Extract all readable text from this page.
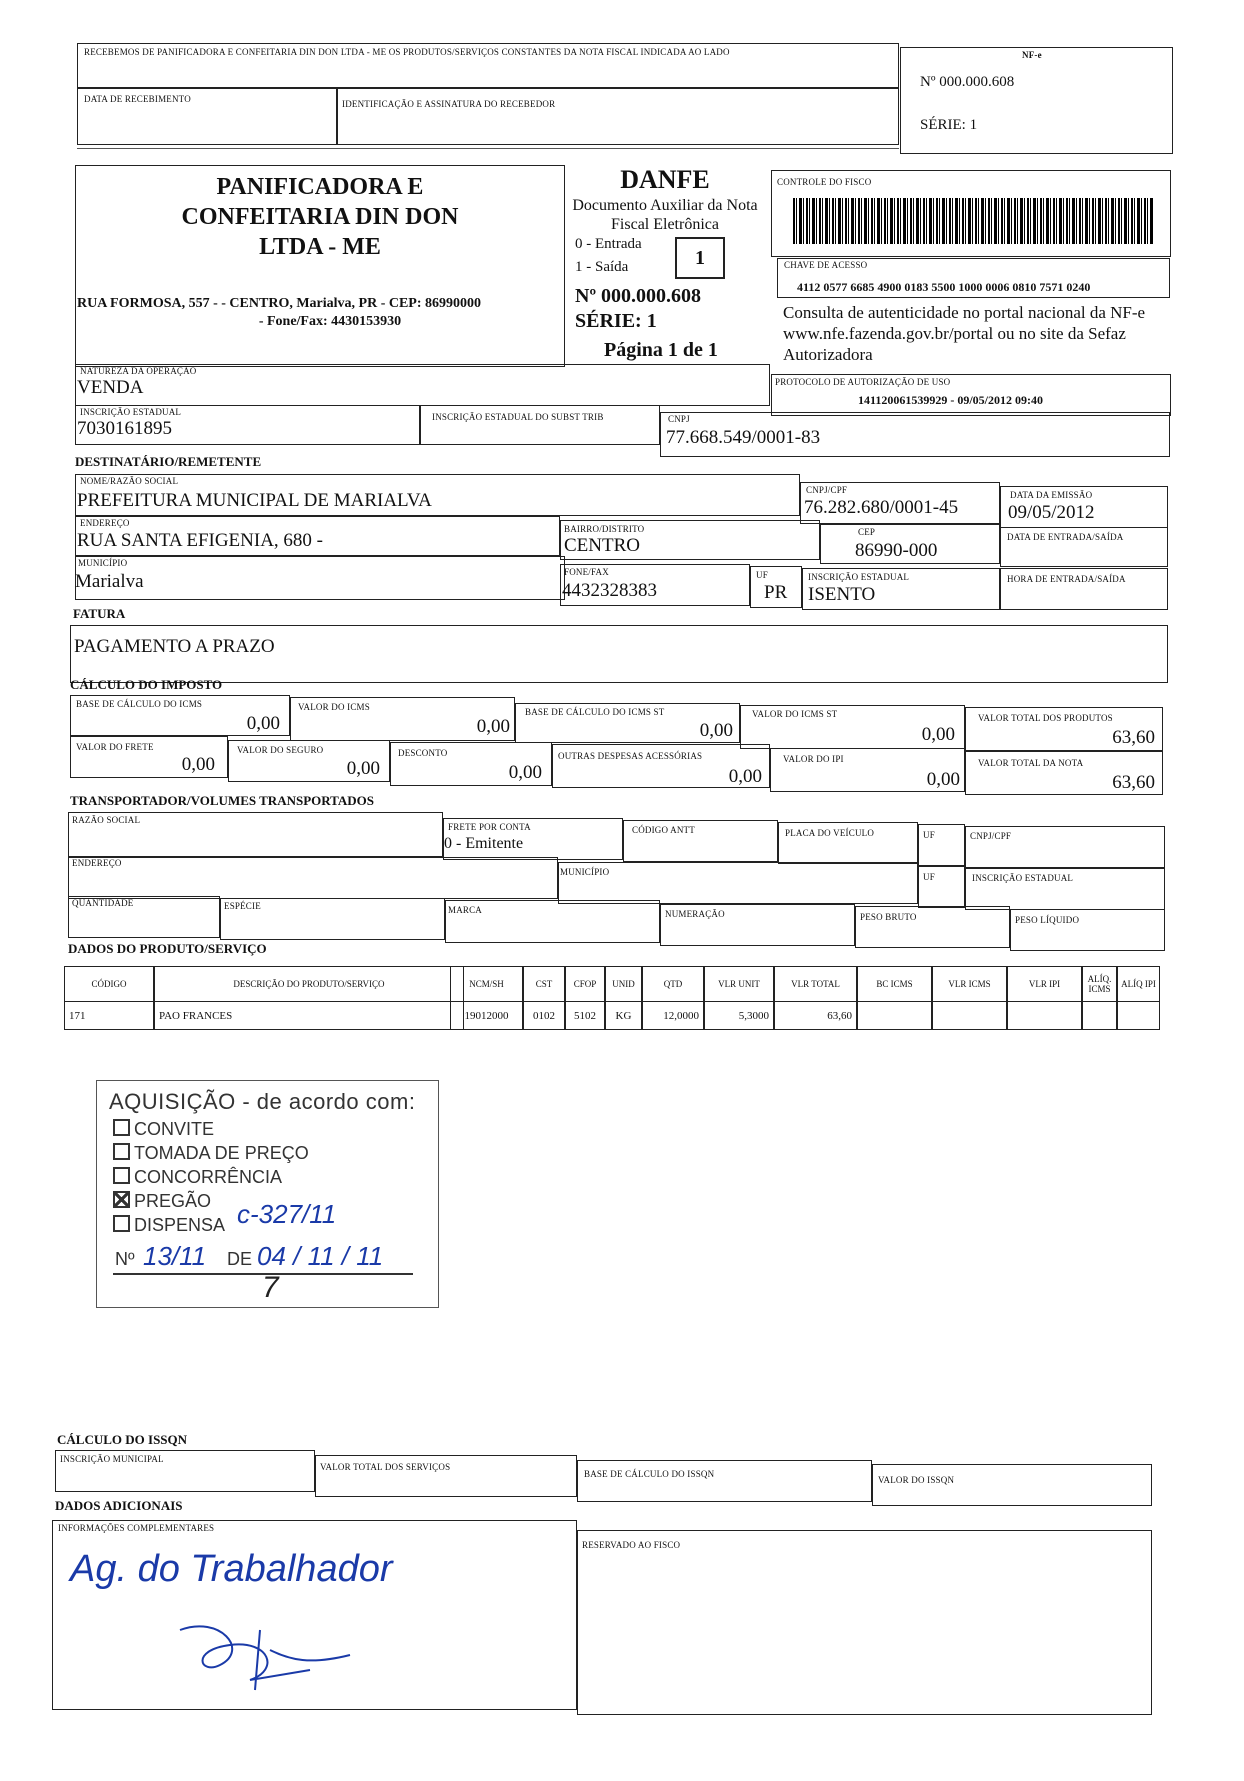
RECEBEMOS DE PANIFICADORA E CONFEITARIA DIN DON LTDA - ME OS PRODUTOS/SERVIÇOS CONSTANTES DA NOTA FISCAL INDICADA AO LADO
DATA DE RECEBIMENTO	IDENTIFICAÇÃO E ASSINATURA DO RECEBEDOR
NF-e
Nº 000.000.608
SÉRIE: 1
PANIFICADORA E CONFEITARIA DIN DON LTDA - ME
RUA FORMOSA, 557 - - CENTRO, Marialva, PR - CEP: 86990000
- Fone/Fax: 4430153930
DANFE
Documento Auxiliar da Nota Fiscal Eletrônica
0 - Entrada
1 - Saída	1
Nº 000.000.608
SÉRIE: 1
Página 1 de 1
CONTROLE DO FISCO
CHAVE DE ACESSO
4112 0577 6685 4900 0183 5500 1000 0006 0810 7571 0240
Consulta de autenticidade no portal nacional da NF-e www.nfe.fazenda.gov.br/portal ou no site da Sefaz Autorizadora
NATUREZA DA OPERAÇÃO
VENDA	PROTOCOLO DE AUTORIZAÇÃO DE USO
141120061539929 - 09/05/2012 09:40
INSCRIÇÃO ESTADUAL
7030161895
INSCRIÇÃO ESTADUAL DO SUBST TRIB	CNPJ
77.668.549/0001-83
DESTINATÁRIO/REMETENTE
NOME/RAZÃO SOCIAL
PREFEITURA MUNICIPAL DE MARIALVA	CNPJ/CPF
76.282.680/0001-45
DATA DA EMISSÃO
09/05/2012
ENDEREÇO
RUA SANTA EFIGENIA, 680 -
BAIRRO/DISTRITO
CENTRO
CEP
86990-000
DATA DE ENTRADA/SAÍDA
MUNICÍPIO
Marialva	FONE/FAX
4432328383
UF
PR
INSCRIÇÃO ESTADUAL
ISENTO
HORA DE ENTRADA/SAÍDA
FATURA
PAGAMENTO A PRAZO
CÁLCULO DO IMPOSTO
BASE DE CÁLCULO DO ICMS
0,00
VALOR DO ICMS
0,00
BASE DE CÁLCULO DO ICMS ST
0,00
VALOR DO ICMS ST
0,00
VALOR TOTAL DOS PRODUTOS
63,60
VALOR DO FRETE
0,00
VALOR DO SEGURO
0,00
DESCONTO
0,00
OUTRAS DESPESAS ACESSÓRIAS
0,00
VALOR DO IPI
0,00
VALOR TOTAL DA NOTA
63,60
TRANSPORTADOR/VOLUMES TRANSPORTADOS
RAZÃO SOCIAL
FRETE POR CONTA
0 - Emitente
CÓDIGO ANTT	PLACA DO VEÍCULO	UF	CNPJ/CPF
ENDEREÇO
MUNICÍPIO	UF	INSCRIÇÃO ESTADUAL
QUANTIDADE	ESPÉCIE	MARCA	NUMERAÇÃO	PESO BRUTO	PESO LÍQUIDO
DADOS DO PRODUTO/SERVIÇO
CÓDIGO
171
DESCRIÇÃO DO PRODUTO/SERVIÇO
PAO FRANCES
NCM/SH
19012000
CST
0102
CFOP
5102
UNID
KG
QTD
12,0000
VLR UNIT
5,3000
VLR TOTAL
63,60
BC ICMS	VLR ICMS	VLR IPI	ALÍQ. ICMS	ALÍQ IPI
AQUISIÇÃO - de acordo com:
CONVITE
TOMADA DE PREÇO
CONCORRÊNCIA
PREGÃO
DISPENSA c-327/11
Nº 13/11 DE 04 / 11 / 11
7
CÁLCULO DO ISSQN
INSCRIÇÃO MUNICIPAL
VALOR TOTAL DOS SERVIÇOS
BASE DE CÁLCULO DO ISSQN
VALOR DO ISSQN
DADOS ADICIONAIS
INFORMAÇÕES COMPLEMENTARES
Ag. do Trabalhador
RESERVADO AO FISCO
